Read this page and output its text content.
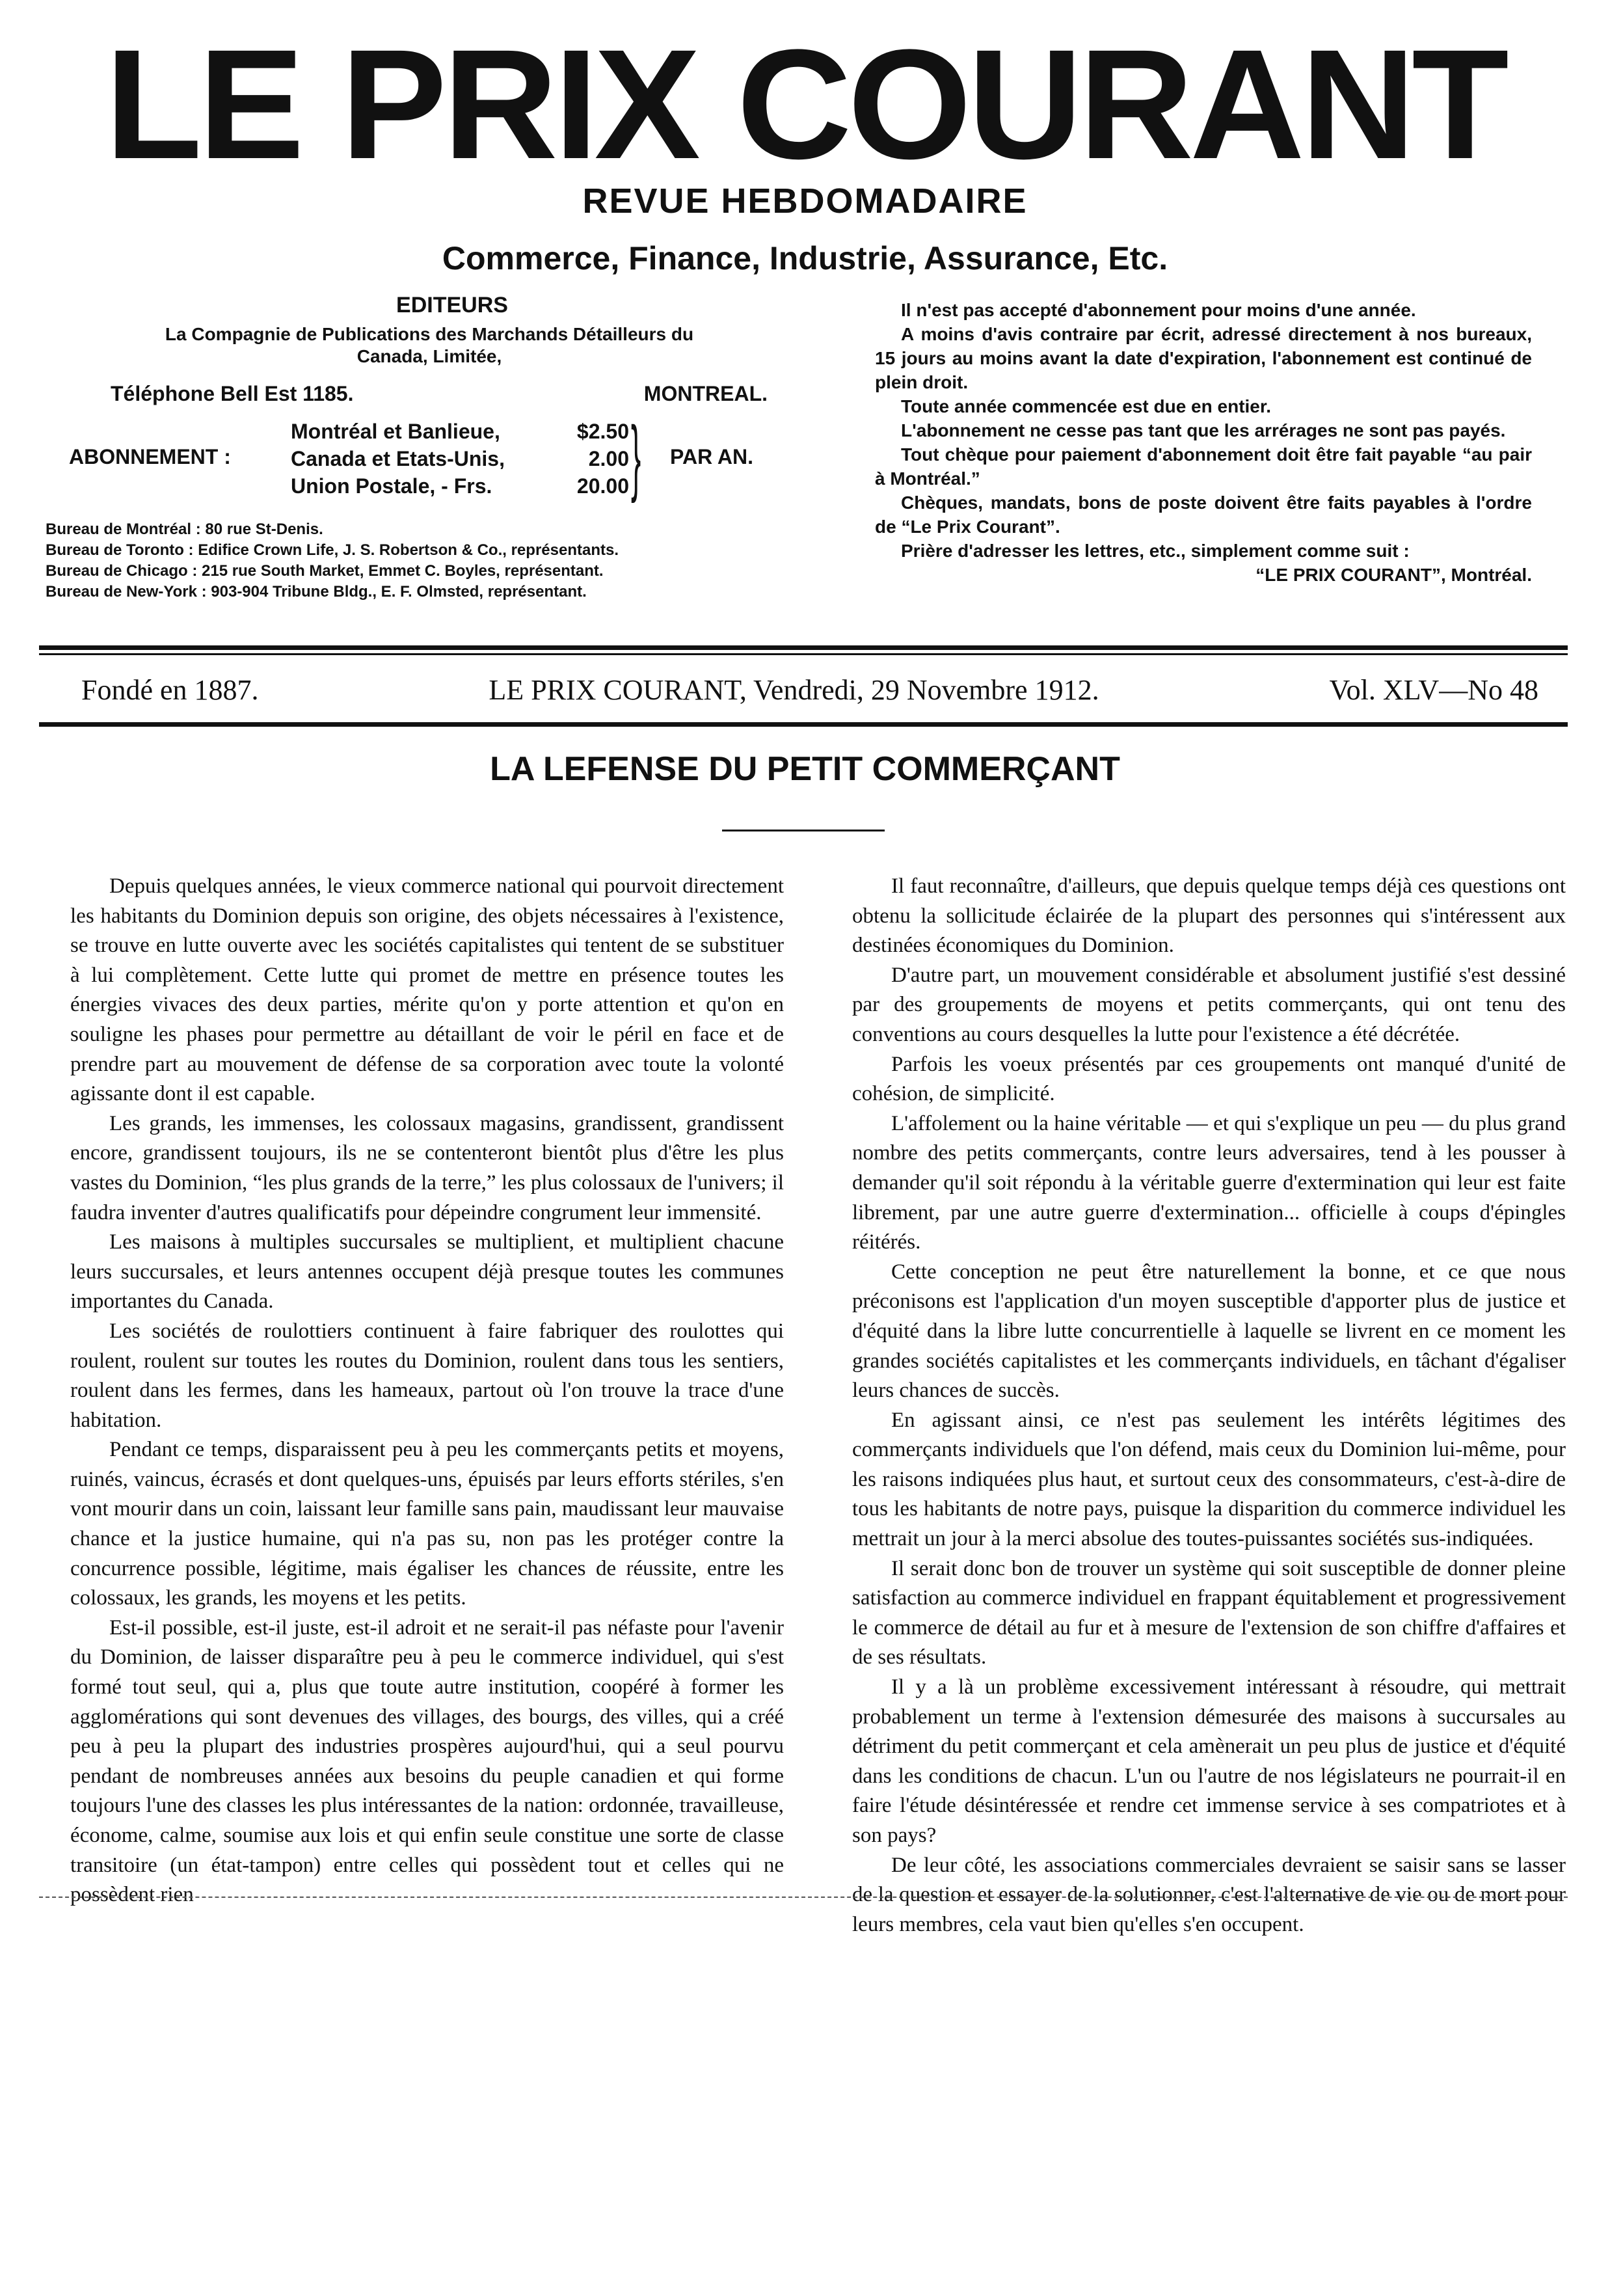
LE PRIX COURANT
REVUE HEBDOMADAIRE
Commerce, Finance, Industrie, Assurance, Etc.
EDITEURS
La Compagnie de Publications des Marchands Détailleurs du
Canada, Limitée,
Téléphone Bell Est 1185.	MONTREAL.
ABONNEMENT :
Montréal et Banlieue,	$2.50
Canada et Etats-Unis,	2.00
Union Postale, - Frs.	20.00 } PAR AN.
Bureau de Montréal : 80 rue St-Denis.
Bureau de Toronto : Edifice Crown Life, J. S. Robertson & Co., représentants.
Bureau de Chicago : 215 rue South Market, Emmet C. Boyles, représentant.
Bureau de New-York : 903-904 Tribune Bldg., E. F. Olmsted, représentant.

Il n'est pas accepté d'abonnement pour moins d'une année.

A moins d'avis contraire par écrit, adressé directement à nos bureaux, 15 jours au moins avant la date d'expiration, l'abonnement est continué de plein droit.

Toute année commencée est due en entier.

L'abonnement ne cesse pas tant que les arrérages ne sont pas payés.

Tout chèque pour paiement d'abonnement doit être fait payable “au pair à Montréal.”

Chèques, mandats, bons de poste doivent être faits payables à l'ordre de “Le Prix Courant”.

Prière d'adresser les lettres, etc., simplement comme suit :

“LE PRIX COURANT”, Montréal.

Fondé en 1887.	LE PRIX COURANT, Vendredi, 29 Novembre 1912.	Vol. XLV—No 48
LA LEFENSE DU PETIT COMMERÇANT

Depuis quelques années, le vieux commerce national qui pourvoit directement les habitants du Dominion depuis son origine, des objets nécessaires à l'existence, se trouve en lutte ouverte avec les sociétés capitalistes qui tentent de se substituer à lui complètement. Cette lutte qui promet de mettre en présence toutes les énergies vivaces des deux parties, mérite qu'on y porte attention et qu'on en souligne les phases pour permettre au détaillant de voir le péril en face et de prendre part au mouvement de défense de sa corporation avec toute la volonté agissante dont il est capable.

Les grands, les immenses, les colossaux magasins, grandissent, grandissent encore, grandissent toujours, ils ne se contenteront bientôt plus d'être les plus vastes du Dominion, “les plus grands de la terre,” les plus colossaux de l'univers; il faudra inventer d'autres qualificatifs pour dépeindre congrument leur immensité.

Les maisons à multiples succursales se multiplient, et multiplient chacune leurs succursales, et leurs antennes occupent déjà presque toutes les communes importantes du Canada.

Les sociétés de roulottiers continuent à faire fabriquer des roulottes qui roulent, roulent sur toutes les routes du Dominion, roulent dans tous les sentiers, roulent dans les fermes, dans les hameaux, partout où l'on trouve la trace d'une habitation.

Pendant ce temps, disparaissent peu à peu les commerçants petits et moyens, ruinés, vaincus, écrasés et dont quelques-uns, épuisés par leurs efforts stériles, s'en vont mourir dans un coin, laissant leur famille sans pain, maudissant leur mauvaise chance et la justice humaine, qui n'a pas su, non pas les protéger contre la concurrence possible, légitime, mais égaliser les chances de réussite, entre les colossaux, les grands, les moyens et les petits.

Est-il possible, est-il juste, est-il adroit et ne serait-il pas néfaste pour l'avenir du Dominion, de laisser disparaître peu à peu le commerce individuel, qui s'est formé tout seul, qui a, plus que toute autre institution, coopéré à former les agglomérations qui sont devenues des villages, des bourgs, des villes, qui a créé peu à peu la plupart des industries prospères aujourd'hui, qui a seul pourvu pendant de nombreuses années aux besoins du peuple canadien et qui forme toujours l'une des classes les plus intéressantes de la nation: ordonnée, travailleuse, économe, calme, soumise aux lois et qui enfin seule constitue une sorte de classe transitoire (un état-tampon) entre celles qui possèdent tout et celles qui ne possèdent rien

Il faut reconnaître, d'ailleurs, que depuis quelque temps déjà ces questions ont obtenu la sollicitude éclairée de la plupart des personnes qui s'intéressent aux destinées économiques du Dominion.

D'autre part, un mouvement considérable et absolument justifié s'est dessiné par des groupements de moyens et petits commerçants, qui ont tenu des conventions au cours desquelles la lutte pour l'existence a été décrétée.

Parfois les voeux présentés par ces groupements ont manqué d'unité de cohésion, de simplicité.

L'affolement ou la haine véritable — et qui s'explique un peu — du plus grand nombre des petits commerçants, contre leurs adversaires, tend à les pousser à demander qu'il soit répondu à la véritable guerre d'extermination qui leur est faite librement, par une autre guerre d'extermination... officielle à coups d'épingles réitérés.

Cette conception ne peut être naturellement la bonne, et ce que nous préconisons est l'application d'un moyen susceptible d'apporter plus de justice et d'équité dans la libre lutte concurrentielle à laquelle se livrent en ce moment les grandes sociétés capitalistes et les commerçants individuels, en tâchant d'égaliser leurs chances de succès.

En agissant ainsi, ce n'est pas seulement les intérêts légitimes des commerçants individuels que l'on défend, mais ceux du Dominion lui-même, pour les raisons indiquées plus haut, et surtout ceux des consommateurs, c'est-à-dire de tous les habitants de notre pays, puisque la disparition du commerce individuel les mettrait un jour à la merci absolue des toutes-puissantes sociétés sus-indiquées.

Il serait donc bon de trouver un système qui soit susceptible de donner pleine satisfaction au commerce individuel en frappant équitablement et progressivement le commerce de détail au fur et à mesure de l'extension de son chiffre d'affaires et de ses résultats.

Il y a là un problème excessivement intéressant à résoudre, qui mettrait probablement un terme à l'extension démesurée des maisons à succursales au détriment du petit commerçant et cela amènerait un peu plus de justice et d'équité dans les conditions de chacun. L'un ou l'autre de nos législateurs ne pourrait-il en faire l'étude désintéressée et rendre cet immense service à ses compatriotes et à son pays?

De leur côté, les associations commerciales devraient se saisir sans se lasser de la question et essayer de la solutionner, c'est l'alternative de vie ou de mort pour leurs membres, cela vaut bien qu'elles s'en occupent.
